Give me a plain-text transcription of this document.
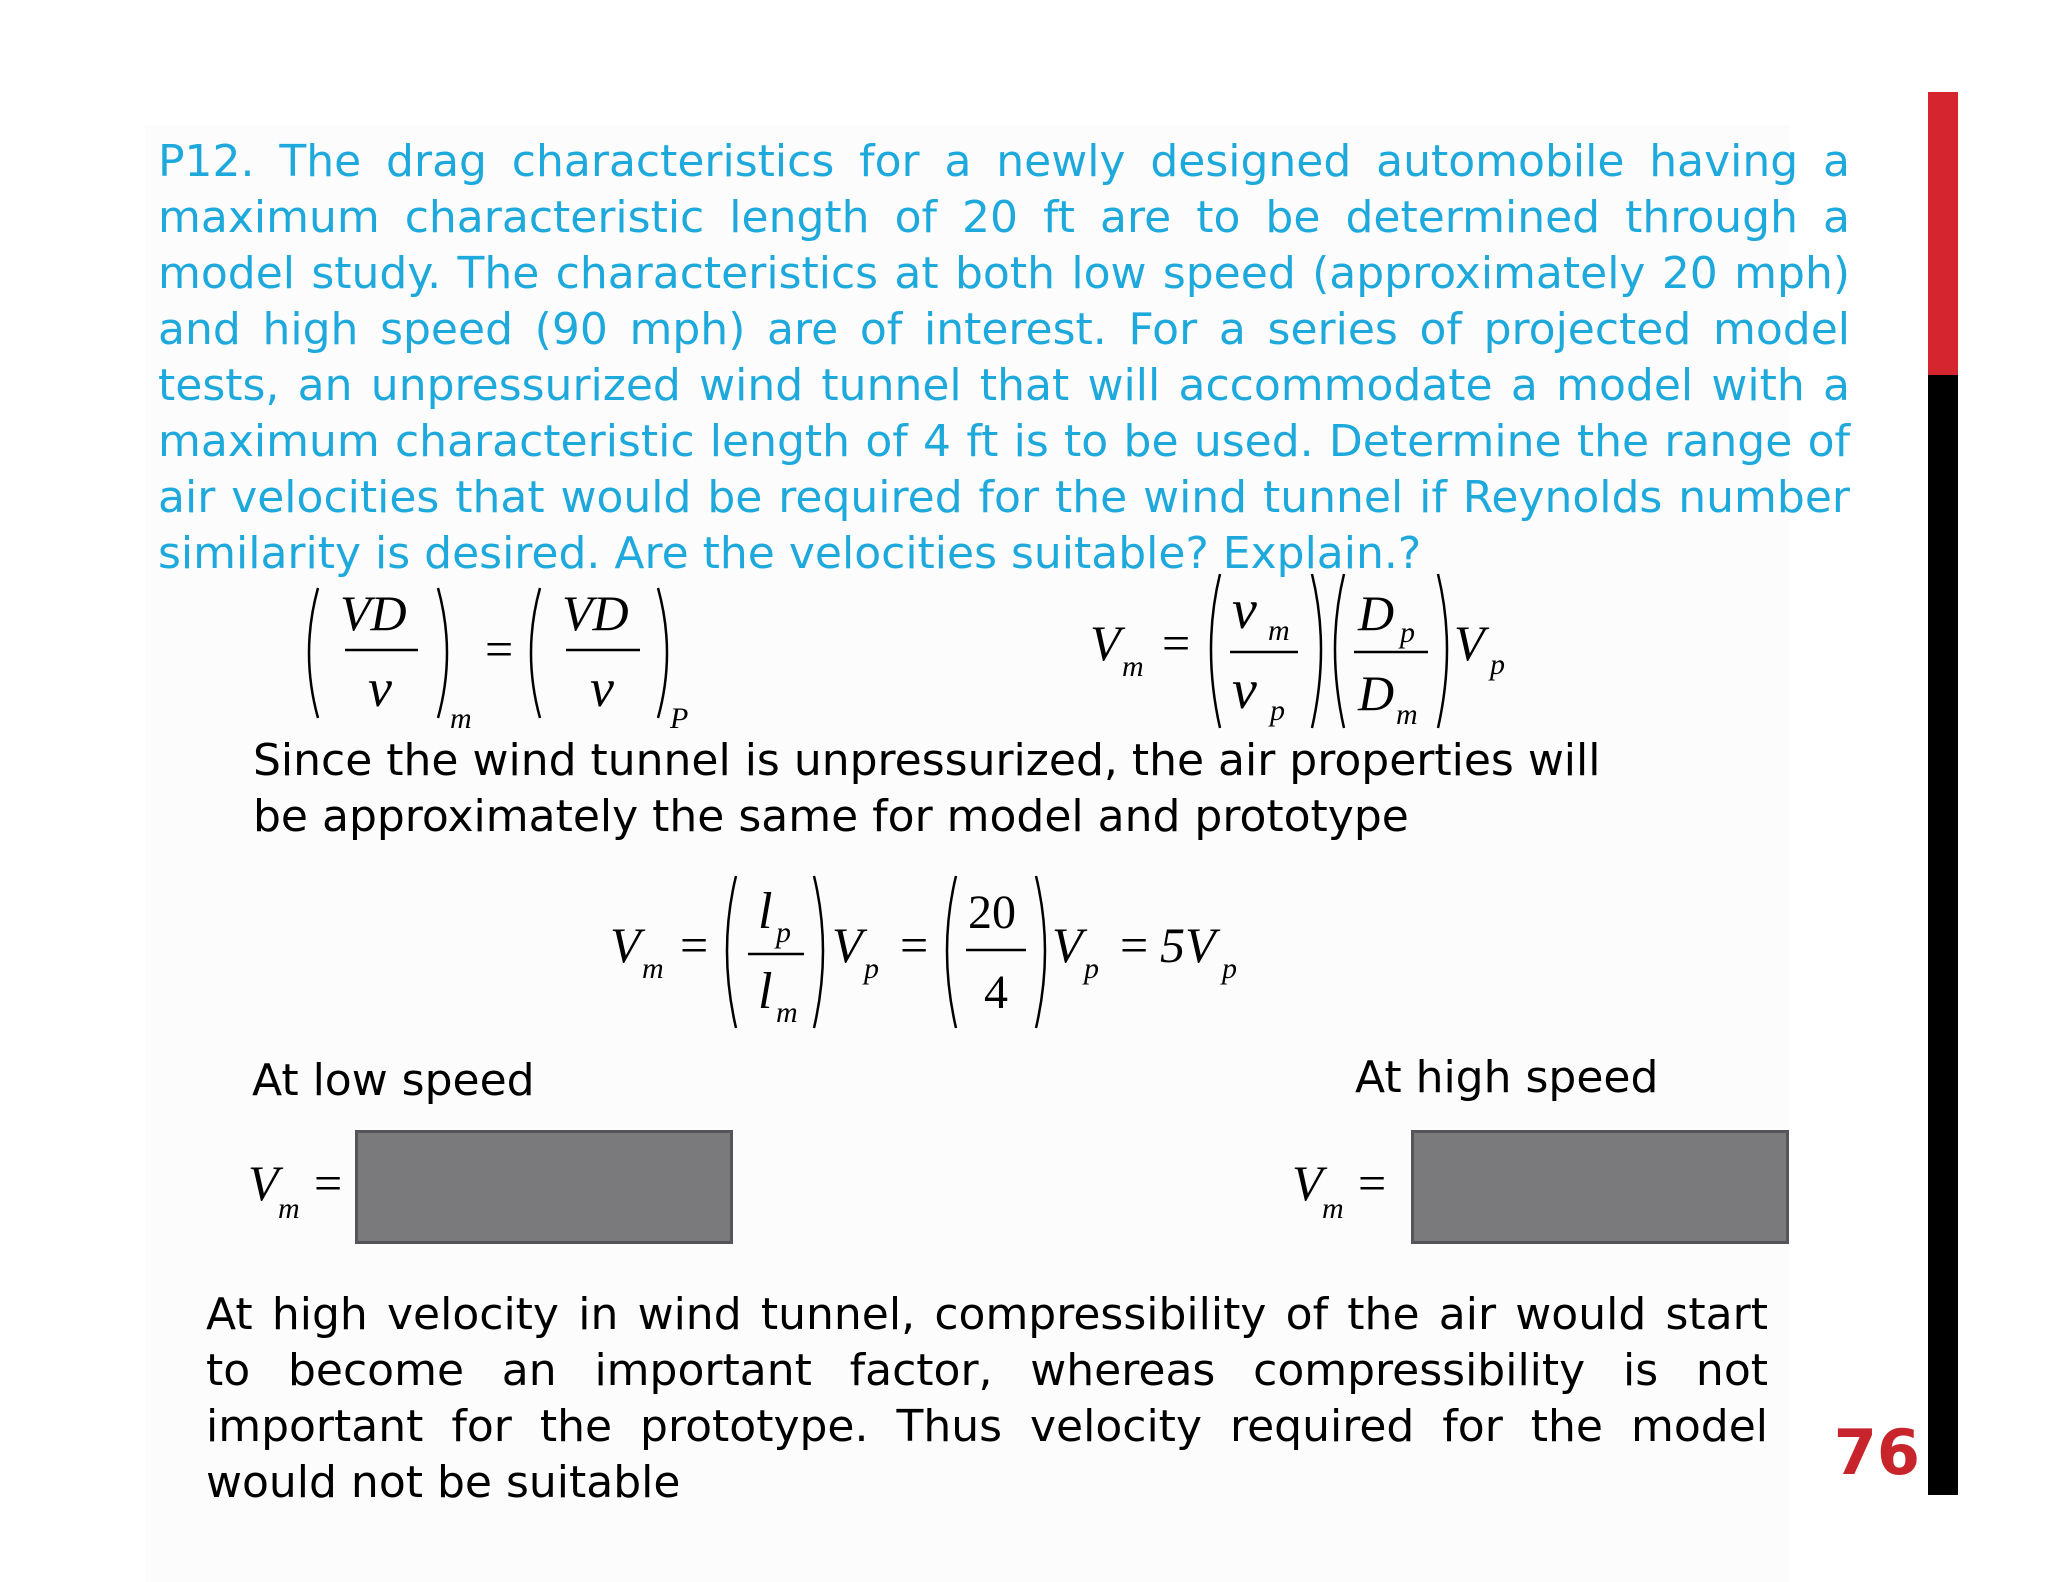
P12. The drag characteristics for a newly designed automobile having a maximum characteristic length of 20 ft are to be determined through a model study. The characteristics at both low speed (approximately 20 mph) and high speed (90 mph) are of interest. For a series of projected model tests, an unpressurized wind tunnel that will accommodate a model with a maximum characteristic length of 4 ft is to be used. Determine the range of air velocities that would be required for the wind tunnel if Reynolds number similarity is desired. Are the velocities suitable? Explain.?

VD
ν
m
=
VD
ν
P
V m =
ν m
ν p
D p
D m
V p

Since the wind tunnel is unpressurized, the air properties will be approximately the same for model and prototype

V m =
l p
l m
V p =
20
4
V p = 5V p
At low speed	At high speed
V m =	V m =

At high velocity in wind tunnel, compressibility of the air would start to become an important factor, whereas compressibility is not important for the prototype. Thus velocity required for the model would not be suitable	76
